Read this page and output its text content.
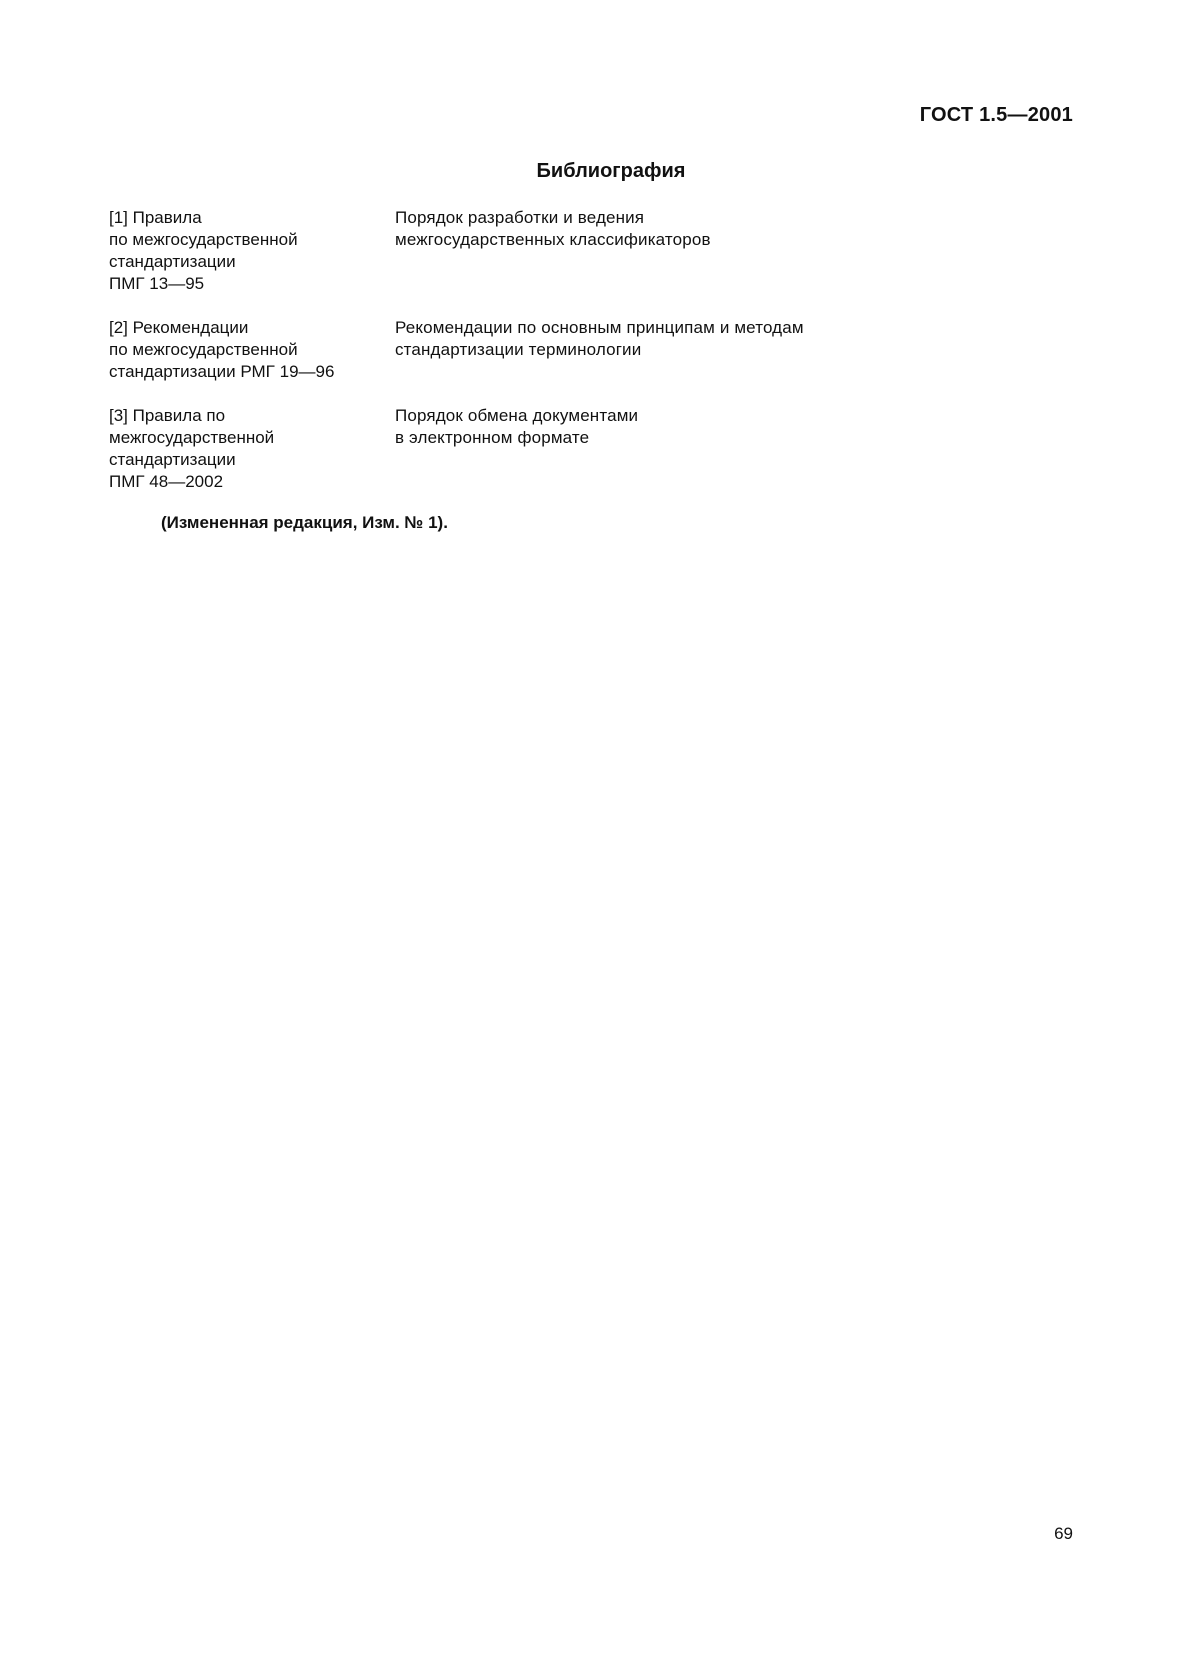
ГОСТ 1.5—2001
Библиография
[1] Правила
по межгосударственной
стандартизации
ПМГ 13—95
Порядок разработки и ведения
межгосударственных классификаторов
[2] Рекомендации
по межгосударственной
стандартизации РМГ 19—96
Рекомендации по основным принципам и методам
стандартизации терминологии
[3] Правила по
межгосударственной
стандартизации
ПМГ 48—2002
Порядок обмена документами
в электронном формате
(Измененная редакция, Изм. № 1).
69
